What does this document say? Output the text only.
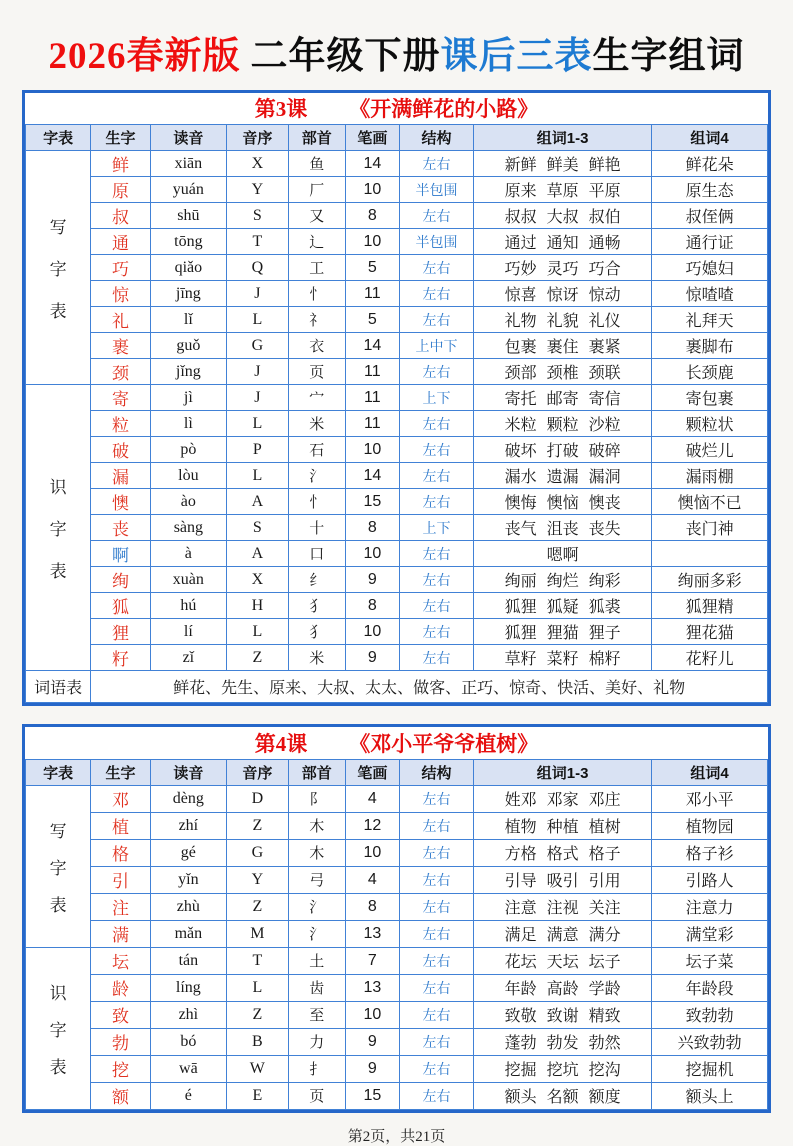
2026春新版 二年级下册课后三表生字组词
第3课 《开满鲜花的小路》								

字表	生字	读音	音序	部首	笔画	结构	组词1-3	组词4

写
字
表	鲜	xiān	X	鱼	14	左右	新鲜 鲜美 鲜艳	鲜花朵
	原	yuán	Y	厂	10	半包围	原来 草原 平原	原生态
	叔	shū	S	又	8	左右	叔叔 大叔 叔伯	叔侄俩
	通	tōng	T	辶	10	半包围	通过 通知 通畅	通行证
	巧	qiǎo	Q	工	5	左右	巧妙 灵巧 巧合	巧媳妇
	惊	jīng	J	忄	11	左右	惊喜 惊讶 惊动	惊喳喳
	礼	lǐ	L	礻	5	左右	礼物 礼貌 礼仪	礼拜天
	裹	guǒ	G	衣	14	上中下	包裹 裹住 裹紧	裹脚布
	颈	jǐng	J	页	11	左右	颈部 颈椎 颈联	长颈鹿

识
字
表	寄	jì	J	宀	11	上下	寄托 邮寄 寄信	寄包裹
	粒	lì	L	米	11	左右	米粒 颗粒 沙粒	颗粒状
	破	pò	P	石	10	左右	破坏 打破 破碎	破烂儿
	漏	lòu	L	氵	14	左右	漏水 遗漏 漏洞	漏雨棚
	懊	ào	A	忄	15	左右	懊悔 懊恼 懊丧	懊恼不已
	丧	sàng	S	十	8	上下	丧气 沮丧 丧失	丧门神
	啊	à	A	口	10	左右	嗯啊	
	绚	xuàn	X	纟	9	左右	绚丽 绚烂 绚彩	绚丽多彩
	狐	hú	H	犭	8	左右	狐狸 狐疑 狐裘	狐狸精
	狸	lí	L	犭	10	左右	狐狸 狸猫 狸子	狸花猫
	籽	zǐ	Z	米	9	左右	草籽 菜籽 棉籽	花籽儿
词语表	鲜花、先生、原来、大叔、太太、做客、正巧、惊奇、快活、美好、礼物							
第4课 《邓小平爷爷植树》								

字表	生字	读音	音序	部首	笔画	结构	组词1-3	组词4

写
字
表	邓	dèng	D	阝	4	左右	姓邓 邓家 邓庄	邓小平
	植	zhí	Z	木	12	左右	植物 种植 植树	植物园
	格	gé	G	木	10	左右	方格 格式 格子	格子衫
	引	yǐn	Y	弓	4	左右	引导 吸引 引用	引路人
	注	zhù	Z	氵	8	左右	注意 注视 关注	注意力
	满	mǎn	M	氵	13	左右	满足 满意 满分	满堂彩

识
字
表	坛	tán	T	土	7	左右	花坛 天坛 坛子	坛子菜
	龄	líng	L	齿	13	左右	年龄 高龄 学龄	年龄段
	致	zhì	Z	至	10	左右	致敬 致谢 精致	致勃勃
	勃	bó	B	力	9	左右	蓬勃 勃发 勃然	兴致勃勃
	挖	wā	W	扌	9	左右	挖掘 挖坑 挖沟	挖掘机
	额	é	E	页	15	左右	额头 名额 额度	额头上
第2页，共21页
